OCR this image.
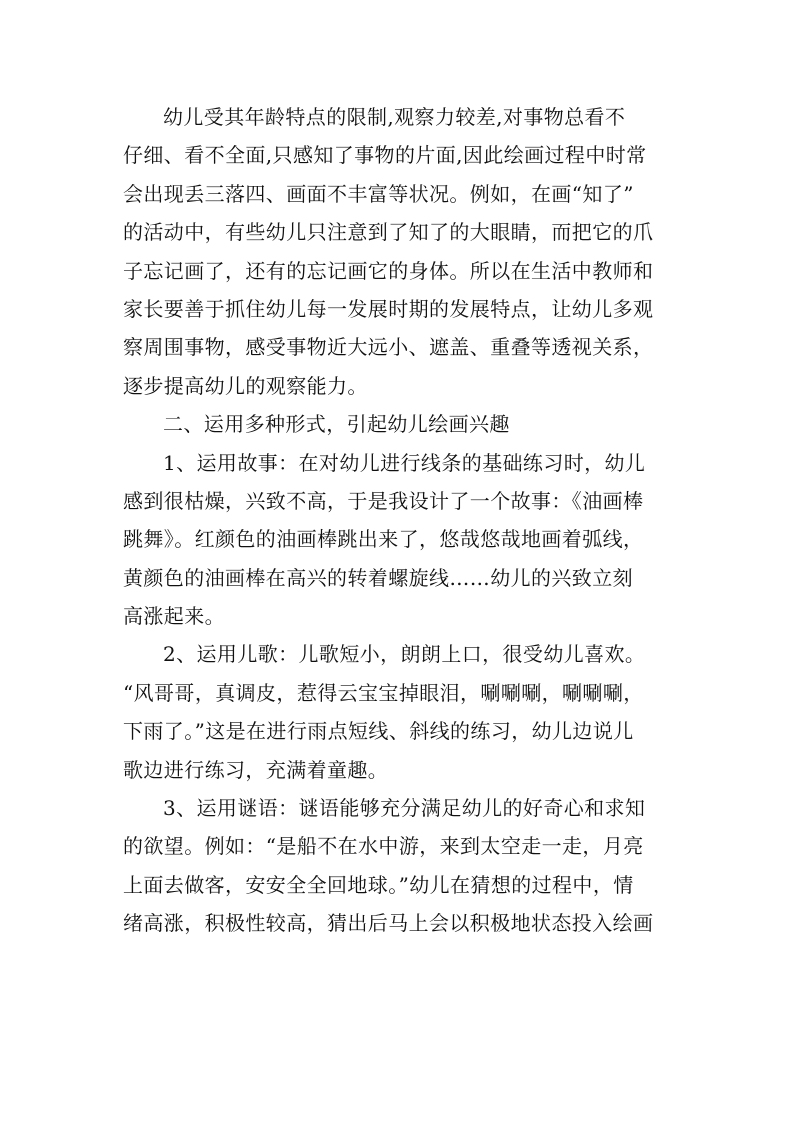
幼儿受其年龄特点的限制,观察力较差,对事物总看不
仔细、看不全面,只感知了事物的片面,因此绘画过程中时常
会出现丢三落四、画面不丰富等状况。例如，在画“知了”
的活动中，有些幼儿只注意到了知了的大眼睛，而把它的爪
子忘记画了，还有的忘记画它的身体。所以在生活中教师和
家长要善于抓住幼儿每一发展时期的发展特点，让幼儿多观
察周围事物，感受事物近大远小、遮盖、重叠等透视关系，
逐步提高幼儿的观察能力。
二、运用多种形式，引起幼儿绘画兴趣
1、运用故事：在对幼儿进行线条的基础练习时，幼儿
感到很枯燥，兴致不高，于是我设计了一个故事：《油画棒
跳舞》。红颜色的油画棒跳出来了，悠哉悠哉地画着弧线，
黄颜色的油画棒在高兴的转着螺旋线……幼儿的兴致立刻
高涨起来。
2、运用儿歌：儿歌短小，朗朗上口，很受幼儿喜欢。
“风哥哥，真调皮，惹得云宝宝掉眼泪，唰唰唰，唰唰唰，
下雨了。”这是在进行雨点短线、斜线的练习，幼儿边说儿
歌边进行练习，充满着童趣。
3、运用谜语：谜语能够充分满足幼儿的好奇心和求知
的欲望。例如：“是船不在水中游，来到太空走一走，月亮
上面去做客，安安全全回地球。”幼儿在猜想的过程中，情
绪高涨，积极性较高，猜出后马上会以积极地状态投入绘画
